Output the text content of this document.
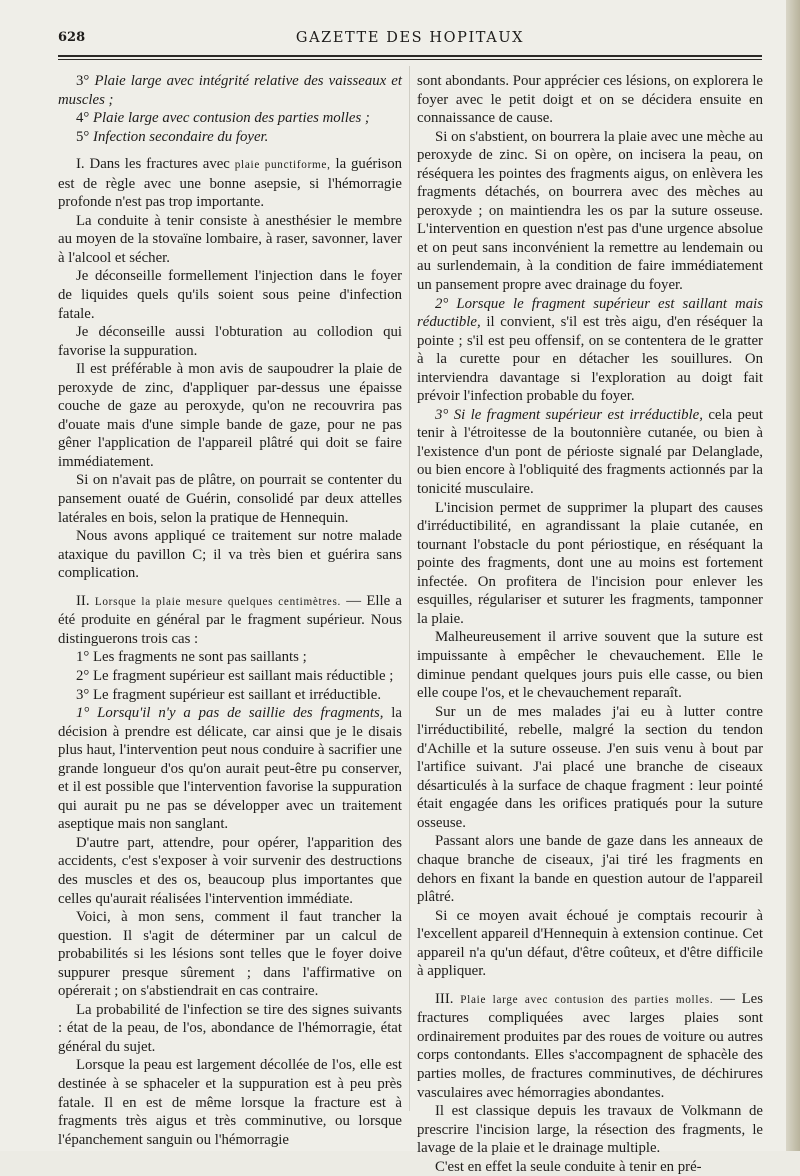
628	GAZETTE DES HOPITAUX

3° Plaie large avec intégrité relative des vaisseaux et muscles ;

4° Plaie large avec contusion des parties molles ;

5° Infection secondaire du foyer.

I. Dans les fractures avec plaie punctiforme, la guérison est de règle avec une bonne asepsie, si l'hémorragie profonde n'est pas trop importante.

La conduite à tenir consiste à anesthésier le membre au moyen de la stovaïne lombaire, à raser, savonner, laver à l'alcool et sécher.

Je déconseille formellement l'injection dans le foyer de liquides quels qu'ils soient sous peine d'infection fatale.

Je déconseille aussi l'obturation au collodion qui favorise la suppuration.

Il est préférable à mon avis de saupoudrer la plaie de peroxyde de zinc, d'appliquer par-dessus une épaisse couche de gaze au peroxyde, qu'on ne recouvrira pas d'ouate mais d'une simple bande de gaze, pour ne pas gêner l'application de l'appareil plâtré qui doit se faire immédiatement.

Si on n'avait pas de plâtre, on pourrait se contenter du pansement ouaté de Guérin, consolidé par deux attelles latérales en bois, selon la pratique de Hennequin.

Nous avons appliqué ce traitement sur notre malade ataxique du pavillon C; il va très bien et guérira sans complication.

II. Lorsque la plaie mesure quelques centimètres. — Elle a été produite en général par le fragment supérieur. Nous distinguerons trois cas :

1° Les fragments ne sont pas saillants ;

2° Le fragment supérieur est saillant mais réductible ;

3° Le fragment supérieur est saillant et irréductible.

1° Lorsqu'il n'y a pas de saillie des fragments, la décision à prendre est délicate, car ainsi que je le disais plus haut, l'intervention peut nous conduire à sacrifier une grande longueur d'os qu'on aurait peut-être pu conserver, et il est possible que l'intervention favorise la suppuration qui aurait pu ne pas se développer avec un traitement aseptique mais non sanglant.

D'autre part, attendre, pour opérer, l'apparition des accidents, c'est s'exposer à voir survenir des destructions des muscles et des os, beaucoup plus importantes que celles qu'aurait réalisées l'intervention immédiate.

Voici, à mon sens, comment il faut trancher la question. Il s'agit de déterminer par un calcul de probabilités si les lésions sont telles que le foyer doive suppurer presque sûrement ; dans l'affirmative on opérerait ; on s'abstiendrait en cas contraire.

La probabilité de l'infection se tire des signes suivants : état de la peau, de l'os, abondance de l'hémorragie, état général du sujet.

Lorsque la peau est largement décollée de l'os, elle est destinée à se sphaceler et la suppuration est à peu près fatale. Il en est de même lorsque la fracture est à fragments très aigus et très comminutive, ou lorsque l'épanchement sanguin ou l'hémorragie

sont abondants. Pour apprécier ces lésions, on explorera le foyer avec le petit doigt et on se décidera ensuite en connaissance de cause.

Si on s'abstient, on bourrera la plaie avec une mèche au peroxyde de zinc. Si on opère, on incisera la peau, on réséquera les pointes des fragments aigus, on enlèvera les fragments détachés, on bourrera avec des mèches au peroxyde ; on maintiendra les os par la suture osseuse. L'intervention en question n'est pas d'une urgence absolue et on peut sans inconvénient la remettre au lendemain ou au surlendemain, à la condition de faire immédiatement un pansement propre avec drainage du foyer.

2° Lorsque le fragment supérieur est saillant mais réductible, il convient, s'il est très aigu, d'en réséquer la pointe ; s'il est peu offensif, on se contentera de le gratter à la curette pour en détacher les souillures. On interviendra davantage si l'exploration au doigt fait prévoir l'infection probable du foyer.

3° Si le fragment supérieur est irréductible, cela peut tenir à l'étroitesse de la boutonnière cutanée, ou bien à l'existence d'un pont de périoste signalé par Delanglade, ou bien encore à l'obliquité des fragments actionnés par la tonicité musculaire.

L'incision permet de supprimer la plupart des causes d'irréductibilité, en agrandissant la plaie cutanée, en tournant l'obstacle du pont périostique, en réséquant la pointe des fragments, dont une au moins est fortement infectée. On profitera de l'incision pour enlever les esquilles, régulariser et suturer les fragments, tamponner la plaie.

Malheureusement il arrive souvent que la suture est impuissante à empêcher le chevauchement. Elle le diminue pendant quelques jours puis elle casse, ou bien elle coupe l'os, et le chevauchement reparaît.

Sur un de mes malades j'ai eu à lutter contre l'irréductibilité, rebelle, malgré la section du tendon d'Achille et la suture osseuse. J'en suis venu à bout par l'artifice suivant. J'ai placé une branche de ciseaux désarticulés à la surface de chaque fragment : leur pointé était engagée dans les orifices pratiqués pour la suture osseuse.

Passant alors une bande de gaze dans les anneaux de chaque branche de ciseaux, j'ai tiré les fragments en dehors en fixant la bande en question autour de l'appareil plâtré.

Si ce moyen avait échoué je comptais recourir à l'excellent appareil d'Hennequin à extension continue. Cet appareil n'a qu'un défaut, d'être coûteux, et d'être difficile à appliquer.

III. Plaie large avec contusion des parties molles. — Les fractures compliquées avec larges plaies sont ordinairement produites par des roues de voiture ou autres corps contondants. Elles s'accompagnent de sphacèle des parties molles, de fractures comminutives, de déchirures vasculaires avec hémorragies abondantes.

Il est classique depuis les travaux de Volkmann de prescrire l'incision large, la résection des fragments, le lavage de la plaie et le drainage multiple.

C'est en effet la seule conduite à tenir en pré-
